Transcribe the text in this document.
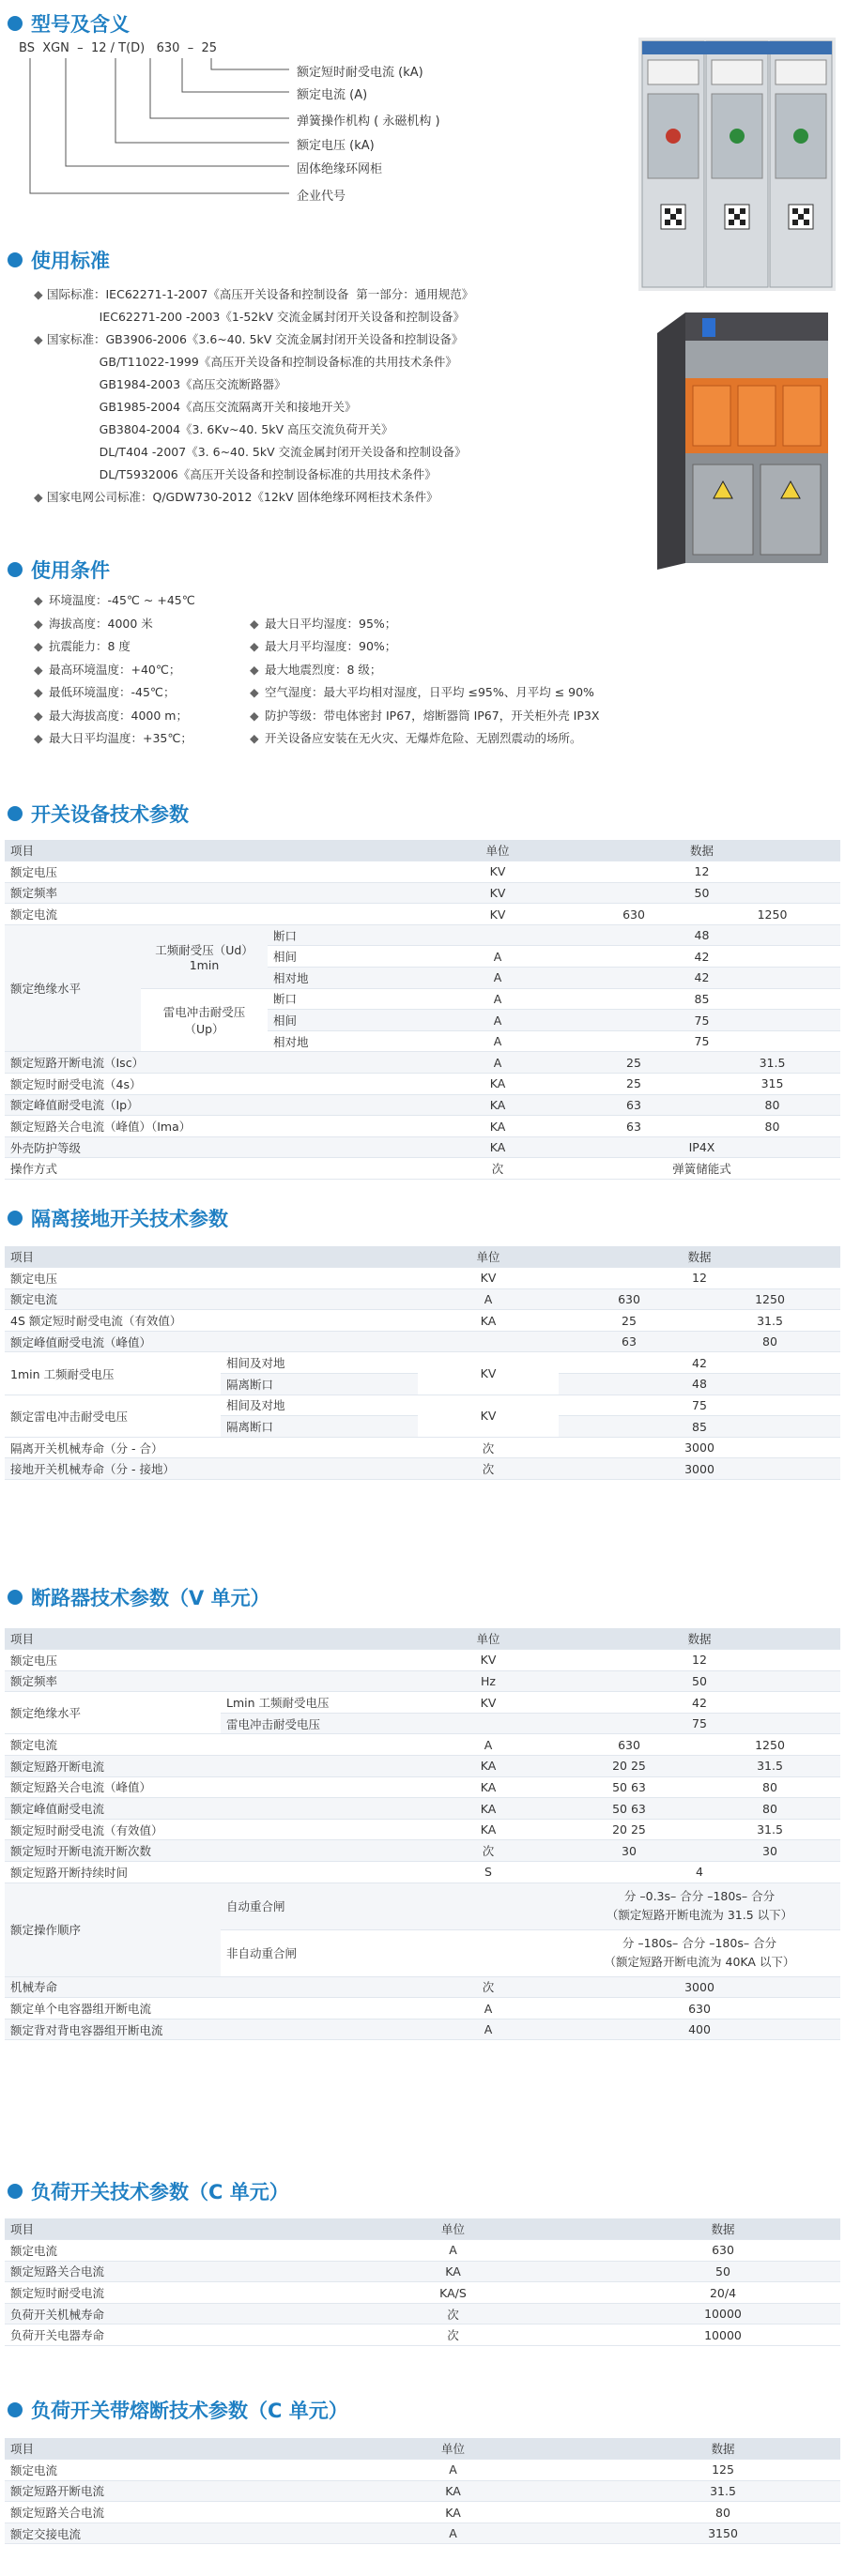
型号及含义
BS  XGN  –  12 / T(D)   630  –  25
额定短时耐受电流 (kA)
额定电流 (A)
弹簧操作机构 ( 永磁机构 )
额定电压 (kA)
固体绝缘环网柜
企业代号
使用标准
◆ 国际标准：IEC62271-1-2007《高压开关设备和控制设备  第一部分：通用规范》
IEC62271-200 -2003《1-52kV 交流金属封闭开关设备和控制设备》
◆ 国家标准：GB3906-2006《3.6~40. 5kV 交流金属封闭开关设备和控制设备》
GB/T11022-1999《高压开关设备和控制设备标准的共用技术条件》
GB1984-2003《高压交流断路器》
GB1985-2004《高压交流隔离开关和接地开关》
GB3804-2004《3. 6Kv~40. 5kV 高压交流负荷开关》
DL/T404 -2007《3. 6~40. 5kV 交流金属封闭开关设备和控制设备》
DL/T5932006《高压开关设备和控制设备标准的共用技术条件》
◆ 国家电网公司标准：Q/GDW730-2012《12kV 固体绝缘环网柜技术条件》
使用条件
◆ 环境温度：-45℃ ~ +45℃
◆ 海拔高度：4000 米	◆ 最大日平均湿度：95%；
◆ 抗震能力：8 度	◆ 最大月平均湿度：90%；
◆ 最高环境温度：+40℃；	◆ 最大地震烈度：8 级；
◆ 最低环境温度：-45℃；	◆ 空气湿度：最大平均相对湿度，日平均 ≤95%、月平均 ≤ 90%
◆ 最大海拔高度：4000 m；	◆ 防护等级：带电体密封 IP67，熔断器筒 IP67，开关柜外壳 IP3X
◆ 最大日平均温度：+35℃；	◆ 开关设备应安装在无火灾、无爆炸危险、无剧烈震动的场所。
开关设备技术参数
项目			单位	数据	
额定电压			KV	12	
额定频率			KV	50	
额定电流			KV	630	1250
额定绝缘水平	工频耐受压（Ud）1min	断口		48	
		相间	A	42	
		相对地	A	42	
	雷电冲击耐受压（Up）	断口	A	85	
		相间	A	75	
		相对地	A	75	
额定短路开断电流（Isc）			A	25	31.5
额定短时耐受电流（4s）			KA	25	315
额定峰值耐受电流（Ip）			KA	63	80
额定短路关合电流（峰值）（Ima）			KA	63	80
外壳防护等级			KA	IP4X	
操作方式			次	弹簧储能式	
隔离接地开关技术参数
项目		单位	数据	
额定电压		KV	12	
额定电流		A	630	1250
4S 额定短时耐受电流（有效值）		KA	25	31.5
额定峰值耐受电流（峰值）			63	80
1min 工频耐受电压	相间及对地	KV	42	
	隔离断口		48	
额定雷电冲击耐受电压	相间及对地	KV	75	
	隔离断口		85	
隔离开关机械寿命（分 - 合）		次	3000	
接地开关机械寿命（分 - 接地）		次	3000	
断路器技术参数（V 单元）
项目		单位	数据	
额定电压		KV	12	
额定频率		Hz	50	
额定绝缘水平	Lmin 工频耐受电压	KV	42	
	雷电冲击耐受电压		75	
额定电流		A	630	1250
额定短路开断电流		KA	20 25	31.5
额定短路关合电流（峰值）		KA	50 63	80
额定峰值耐受电流		KA	50 63	80
额定短时耐受电流（有效值）		KA	20 25	31.5
额定短时开断电流开断次数		次	30	30
额定短路开断持续时间		S	4	
额定操作顺序	自动重合闸		分 –0.3s– 合分 –180s– 合分
（额定短路开断电流为 31.5 以下）	

	非自动重合闸		分 –180s– 合分 –180s– 合分
（额定短路开断电流为 40KA 以下）	

机械寿命		次	3000	
额定单个电容器组开断电流		A	630	
额定背对背电容器组开断电流		A	400	
负荷开关技术参数（C 单元）
项目	单位	数据
额定电流	A	630
额定短路关合电流	KA	50
额定短时耐受电流	KA/S	20/4
负荷开关机械寿命	次	10000
负荷开关电器寿命	次	10000
负荷开关带熔断技术参数（C 单元）
项目	单位	数据
额定电流	A	125
额定短路开断电流	KA	31.5
额定短路关合电流	KA	80
额定交接电流	A	3150
